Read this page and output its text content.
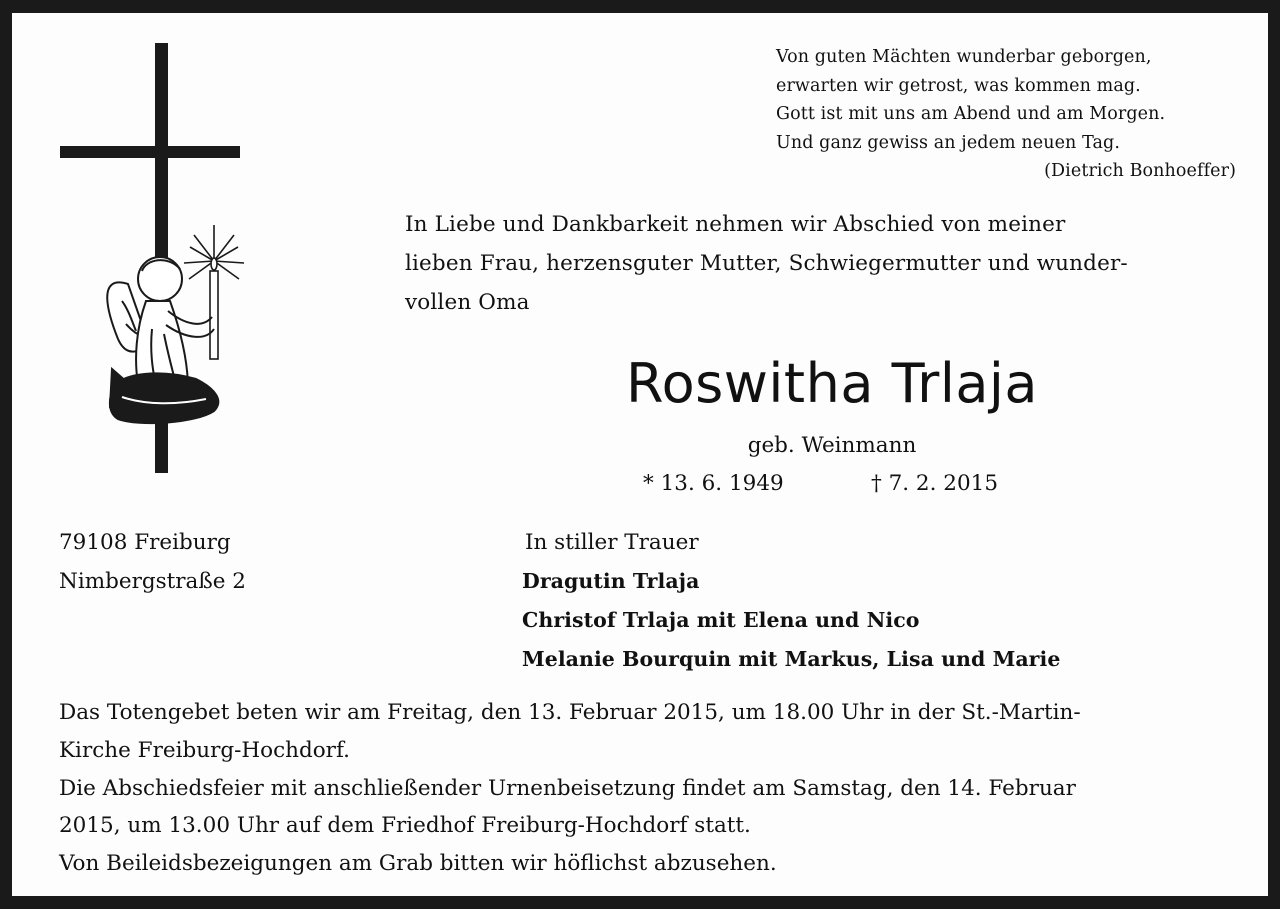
Von guten Mächten wunderbar geborgen,
erwarten wir getrost, was kommen mag.
Gott ist mit uns am Abend und am Morgen.
Und ganz gewiss an jedem neuen Tag.
(Dietrich Bonhoeffer)
In Liebe und Dankbarkeit nehmen wir Abschied von meiner
lieben Frau, herzensguter Mutter, Schwiegermutter und wunder-
vollen Oma
Roswitha Trlaja
geb. Weinmann
* 13. 6. 1949	† 7. 2. 2015
79108 Freiburg
Nimbergstraße 2
In stiller Trauer
Dragutin Trlaja
Christof Trlaja mit Elena und Nico
Melanie Bourquin mit Markus, Lisa und Marie
Das Totengebet beten wir am Freitag, den 13. Februar 2015, um 18.00 Uhr in der St.-Martin-
Kirche Freiburg-Hochdorf.
Die Abschiedsfeier mit anschließender Urnenbeisetzung findet am Samstag, den 14. Februar
2015, um 13.00 Uhr auf dem Friedhof Freiburg-Hochdorf statt.
Von Beileidsbezeigungen am Grab bitten wir höflichst abzusehen.
